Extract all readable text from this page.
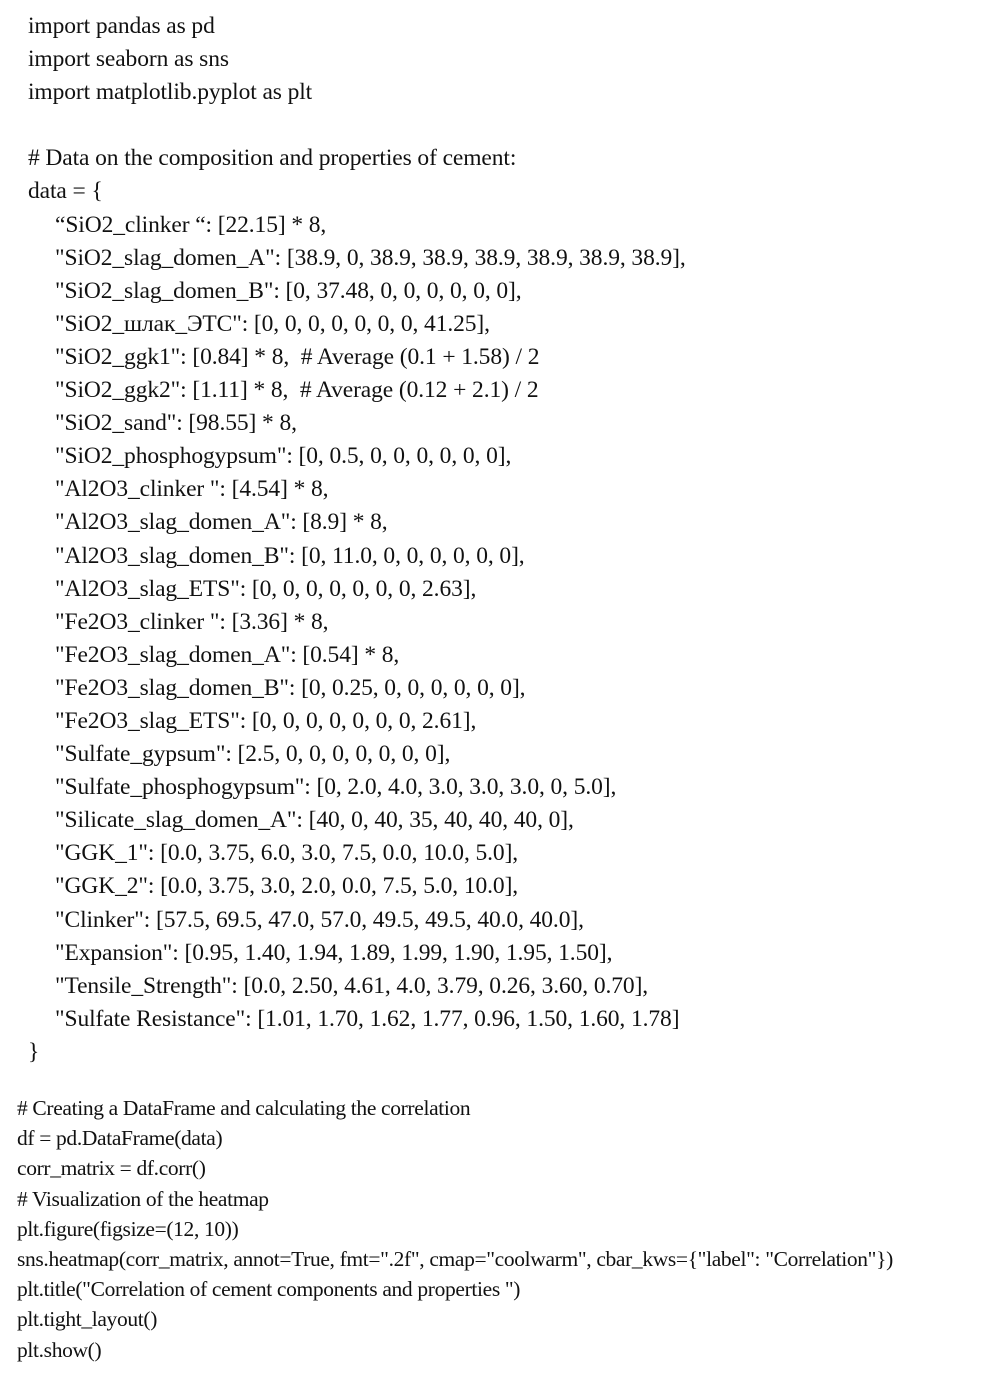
import pandas as pd
import seaborn as sns
import matplotlib.pyplot as plt
# Data on the composition and properties of cement:
data = {
“SiO2_clinker “: [22.15] * 8,
"SiO2_slag_domen_A": [38.9, 0, 38.9, 38.9, 38.9, 38.9, 38.9, 38.9],
"SiO2_slag_domen_B": [0, 37.48, 0, 0, 0, 0, 0, 0],
"SiO2_шлак_ЭТС": [0, 0, 0, 0, 0, 0, 0, 41.25],
"SiO2_ggk1": [0.84] * 8,  # Average (0.1 + 1.58) / 2
"SiO2_ggk2": [1.11] * 8,  # Average (0.12 + 2.1) / 2
"SiO2_sand": [98.55] * 8,
"SiO2_phosphogypsum": [0, 0.5, 0, 0, 0, 0, 0, 0],
"Al2O3_clinker ": [4.54] * 8,
"Al2O3_slag_domen_A": [8.9] * 8,
"Al2O3_slag_domen_B": [0, 11.0, 0, 0, 0, 0, 0, 0],
"Al2O3_slag_ETS": [0, 0, 0, 0, 0, 0, 0, 2.63],
"Fe2O3_clinker ": [3.36] * 8,
"Fe2O3_slag_domen_A": [0.54] * 8,
"Fe2O3_slag_domen_B": [0, 0.25, 0, 0, 0, 0, 0, 0],
"Fe2O3_slag_ETS": [0, 0, 0, 0, 0, 0, 0, 2.61],
"Sulfate_gypsum": [2.5, 0, 0, 0, 0, 0, 0, 0],
"Sulfate_phosphogypsum": [0, 2.0, 4.0, 3.0, 3.0, 3.0, 0, 5.0],
"Silicate_slag_domen_A": [40, 0, 40, 35, 40, 40, 40, 0],
"GGK_1": [0.0, 3.75, 6.0, 3.0, 7.5, 0.0, 10.0, 5.0],
"GGK_2": [0.0, 3.75, 3.0, 2.0, 0.0, 7.5, 5.0, 10.0],
"Clinker": [57.5, 69.5, 47.0, 57.0, 49.5, 49.5, 40.0, 40.0],
"Expansion": [0.95, 1.40, 1.94, 1.89, 1.99, 1.90, 1.95, 1.50],
"Tensile_Strength": [0.0, 2.50, 4.61, 4.0, 3.79, 0.26, 3.60, 0.70],
"Sulfate Resistance": [1.01, 1.70, 1.62, 1.77, 0.96, 1.50, 1.60, 1.78]
}
# Creating a DataFrame and calculating the correlation
df = pd.DataFrame(data)
corr_matrix = df.corr()
# Visualization of the heatmap
plt.figure(figsize=(12, 10))
sns.heatmap(corr_matrix, annot=True, fmt=".2f", cmap="coolwarm", cbar_kws={"label": "Correlation"})
plt.title("Correlation of cement components and properties ")
plt.tight_layout()
plt.show()
